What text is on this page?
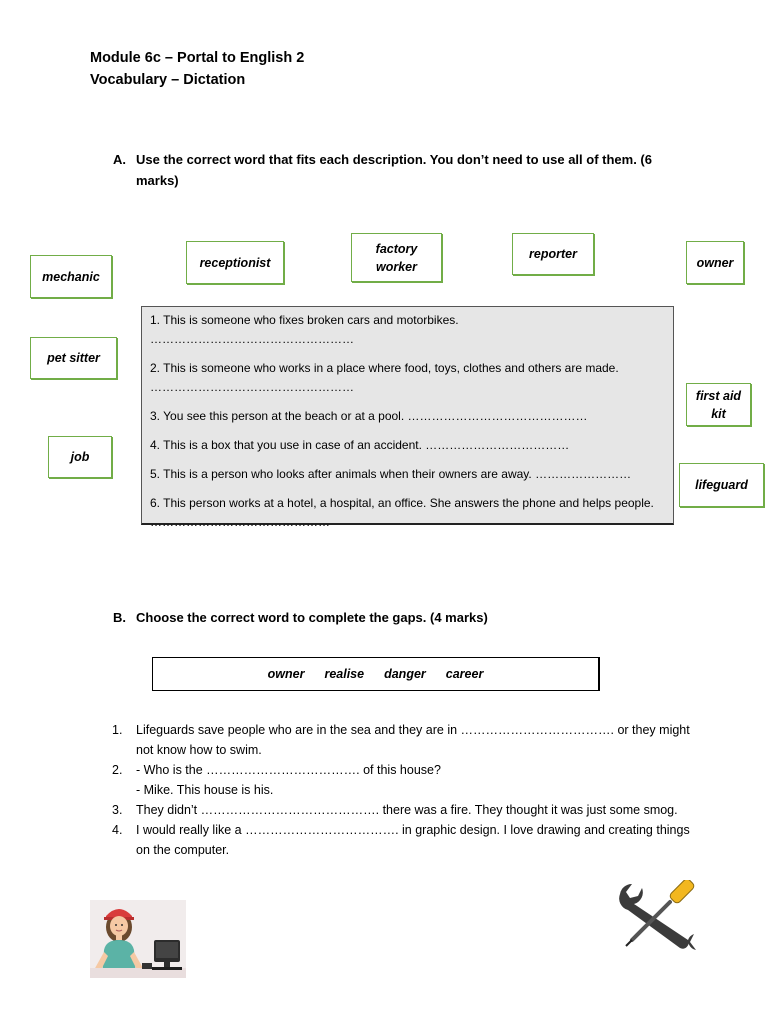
Module 6c – Portal to English 2
Vocabulary – Dictation
A. Use the correct word that fits each description. You don’t need to use all of them. (6
marks)
mechanic
receptionist
factory
worker
reporter
owner
pet sitter
first aid
kit
job
lifeguard

1. This is someone who fixes broken cars and motorbikes. ……………………………………………

2. This is someone who works in a place where food, toys, clothes and others are made. ……………………………………………

3. You see this person at the beach or at a pool. ………………………………………

4. This is a box that you use in case of an accident. ………………………………

5. This is a person who looks after animals when their owners are away. ……………………

6. This person works at a hotel, a hospital, an office. She answers the phone and helps people. ………………………………………

B. Choose the correct word to complete the gaps. (4 marks)
owner realise danger career
1.	Lifeguards save people who are in the sea and they are in ………………………………. or they might not know how to swim.
2.	- Who is the ………………………………. of this house?
- Mike. This house is his.
3.	They didn’t ……………………………………. there was a fire. They thought it was just some smog.
4.	I would really like a ………………………………. in graphic design. I love drawing and creating things on the computer.
